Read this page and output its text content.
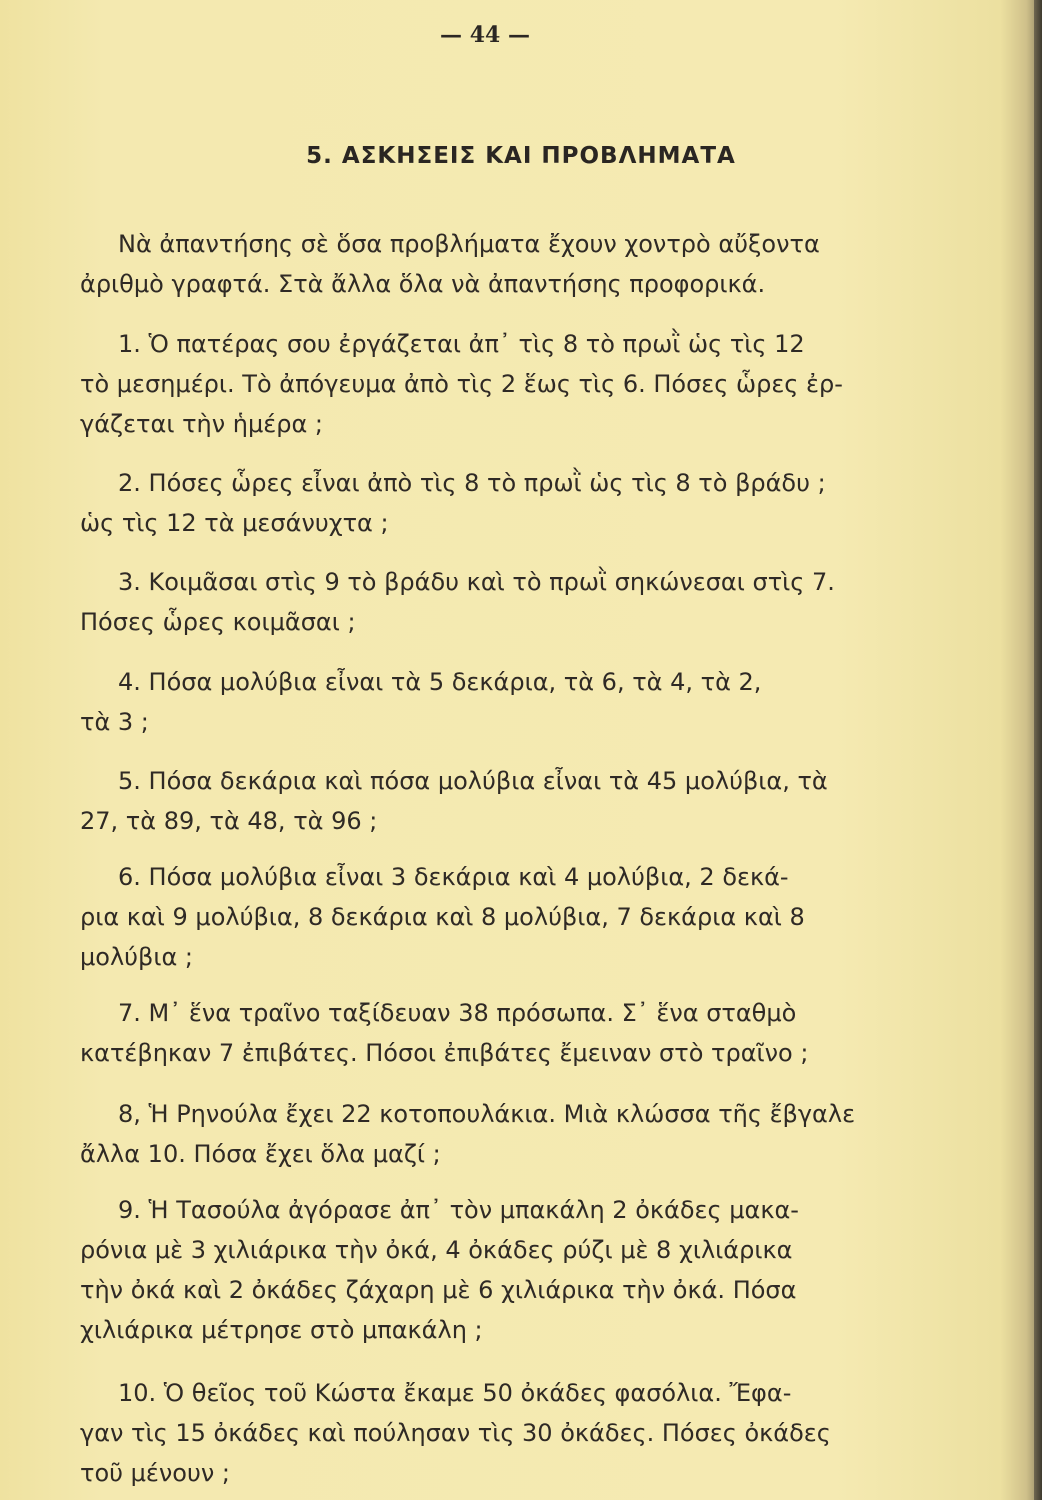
— 44 —
5. ΑΣΚΗΣΕΙΣ ΚΑΙ ΠΡΟΒΛΗΜΑΤΑ
Νὰ ἀπαντήσης σὲ ὅσα προβλήματα ἔχουν χοντρὸ αὔξοντα
ἀριθμὸ γραφτά. Στὰ ἄλλα ὅλα νὰ ἀπαντήσης προφορικά.
1. Ὁ πατέρας σου ἐργάζεται ἀπ᾽ τὶς 8 τὸ πρωῒ ὡς τὶς 12
τὸ μεσημέρι. Τὸ ἀπόγευμα ἀπὸ τὶς 2 ἕως τὶς 6. Πόσες ὧρες ἐρ-
γάζεται τὴν ἡμέρα ;
2. Πόσες ὧρες εἶναι ἀπὸ τὶς 8 τὸ πρωῒ ὡς τὶς 8 τὸ βράδυ ;
ὡς τὶς 12 τὰ μεσάνυχτα ;
3. Κοιμᾶσαι στὶς 9 τὸ βράδυ καὶ τὸ πρωῒ σηκώνεσαι στὶς 7.
Πόσες ὧρες κοιμᾶσαι ;
4. Πόσα μολύβια εἶναι τὰ 5 δεκάρια, τὰ 6, τὰ 4, τὰ 2,
τὰ 3 ;
5. Πόσα δεκάρια καὶ πόσα μολύβια εἶναι τὰ 45 μολύβια, τὰ
27, τὰ 89, τὰ 48, τὰ 96 ;
6. Πόσα μολύβια εἶναι 3 δεκάρια καὶ 4 μολύβια, 2 δεκά-
ρια καὶ 9 μολύβια, 8 δεκάρια καὶ 8 μολύβια, 7 δεκάρια καὶ 8
μολύβια ;
7. Μ᾽ ἕνα τραῖνο ταξίδευαν 38 πρόσωπα. Σ᾽ ἕνα σταθμὸ
κατέβηκαν 7 ἐπιβάτες. Πόσοι ἐπιβάτες ἔμειναν στὸ τραῖνο ;
8, Ἡ Ρηνούλα ἔχει 22 κοτοπουλάκια. Μιὰ κλώσσα τῆς ἔβγαλε
ἄλλα 10. Πόσα ἔχει ὅλα μαζί ;
9. Ἡ Τασούλα ἀγόρασε ἀπ᾽ τὸν μπακάλη 2 ὀκάδες μακα-
ρόνια μὲ 3 χιλιάρικα τὴν ὀκά, 4 ὀκάδες ρύζι μὲ 8 χιλιάρικα
τὴν ὀκά καὶ 2 ὀκάδες ζάχαρη μὲ 6 χιλιάρικα τὴν ὀκά. Πόσα
χιλιάρικα μέτρησε στὸ μπακάλη ;
10. Ὁ θεῖος τοῦ Κώστα ἔκαμε 50 ὀκάδες φασόλια. Ἔφα-
γαν τὶς 15 ὀκάδες καὶ πούλησαν τὶς 30 ὀκάδες. Πόσες ὀκάδες
τοῦ μένουν ;
